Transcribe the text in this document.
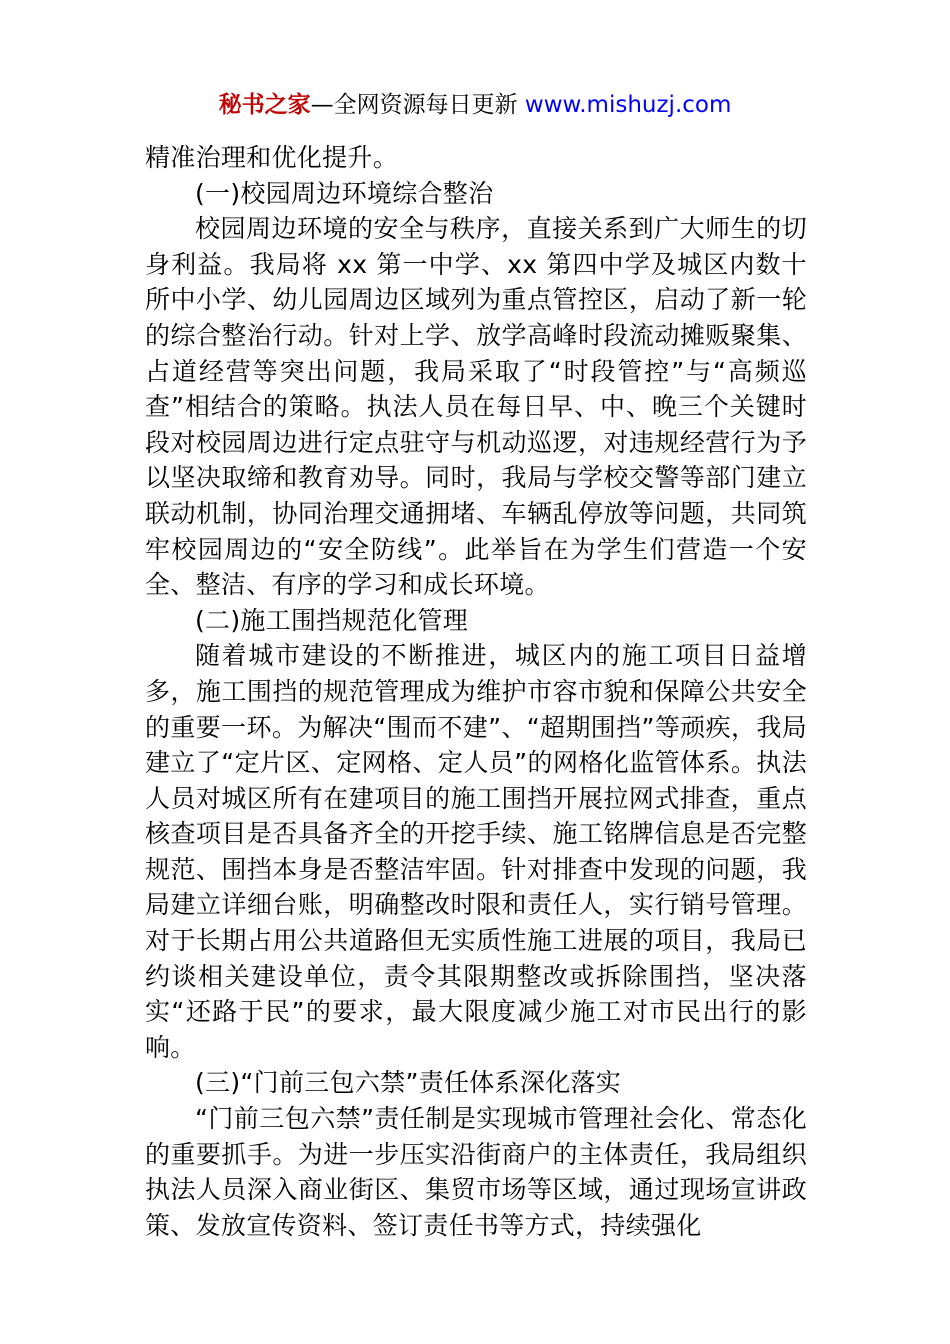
秘书之家—全网资源每日更新 www.mishuzj.com

精准治理和优化提升。

(一)校园周边环境综合整治

校园周边环境的安全与秩序，直接关系到广大师生的切身利益。我局将 xx 第一中学、xx 第四中学及城区内数十所中小学、幼儿园周边区域列为重点管控区，启动了新一轮的综合整治行动。针对上学、放学高峰时段流动摊贩聚集、占道经营等突出问题，我局采取了“时段管控”与“高频巡查”相结合的策略。执法人员在每日早、中、晚三个关键时段对校园周边进行定点驻守与机动巡逻，对违规经营行为予以坚决取缔和教育劝导。同时，我局与学校交警等部门建立联动机制，协同治理交通拥堵、车辆乱停放等问题，共同筑牢校园周边的“安全防线”。此举旨在为学生们营造一个安全、整洁、有序的学习和成长环境。

(二)施工围挡规范化管理

随着城市建设的不断推进，城区内的施工项目日益增多，施工围挡的规范管理成为维护市容市貌和保障公共安全的重要一环。为解决“围而不建”、“超期围挡”等顽疾，我局建立了“定片区、定网格、定人员”的网格化监管体系。执法人员对城区所有在建项目的施工围挡开展拉网式排查，重点核查项目是否具备齐全的开挖手续、施工铭牌信息是否完整规范、围挡本身是否整洁牢固。针对排查中发现的问题，我局建立详细台账，明确整改时限和责任人，实行销号管理。对于长期占用公共道路但无实质性施工进展的项目，我局已约谈相关建设单位，责令其限期整改或拆除围挡，坚决落实“还路于民”的要求，最大限度减少施工对市民出行的影响。

(三)“门前三包六禁”责任体系深化落实

“门前三包六禁”责任制是实现城市管理社会化、常态化的重要抓手。为进一步压实沿街商户的主体责任，我局组织执法人员深入商业街区、集贸市场等区域，通过现场宣讲政策、发放宣传资料、签订责任书等方式，持续强化
